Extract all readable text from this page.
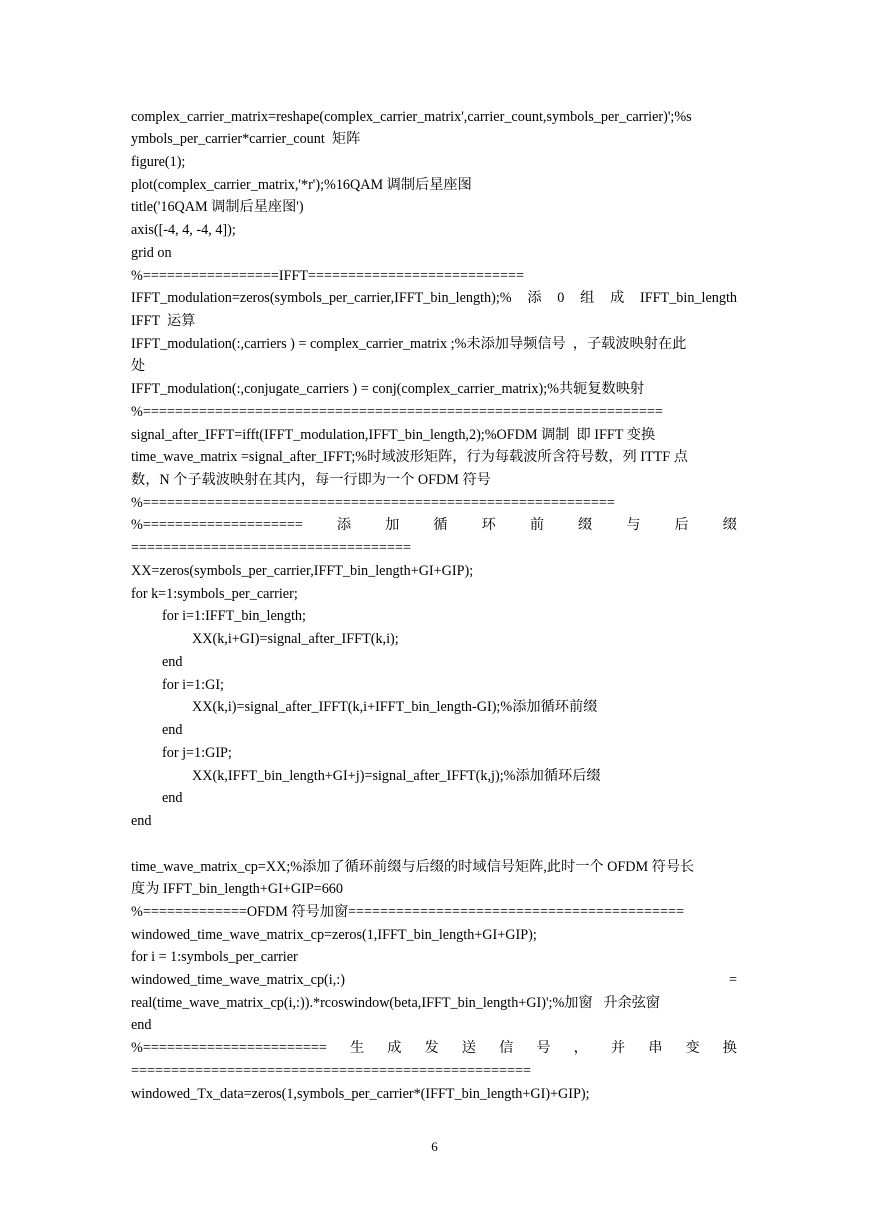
complex_carrier_matrix=reshape(complex_carrier_matrix',carrier_count,symbols_per_carrier)';%s
ymbols_per_carrier*carrier_count  矩阵
figure(1);
plot(complex_carrier_matrix,'*r');%16QAM 调制后星座图
title('16QAM 调制后星座图')
axis([-4, 4, -4, 4]);
grid on
%=================IFFT===========================
IFFT_modulation=zeros(symbols_per_carrier,IFFT_bin_length);% 添 0 组 成 IFFT_bin_length
IFFT  运算
IFFT_modulation(:,carriers ) = complex_carrier_matrix ;%未添加导频信号  ，子载波映射在此
处
IFFT_modulation(:,conjugate_carriers ) = conj(complex_carrier_matrix);%共轭复数映射
%=================================================================
signal_after_IFFT=ifft(IFFT_modulation,IFFT_bin_length,2);%OFDM 调制  即 IFFT 变换
time_wave_matrix =signal_after_IFFT;%时域波形矩阵，行为每载波所含符号数，列 ITTF 点
数，N 个子载波映射在其内，每一行即为一个 OFDM 符号
%===========================================================
%==================== 添 加 循 环 前 缀 与 后 缀
===================================
XX=zeros(symbols_per_carrier,IFFT_bin_length+GI+GIP);
for k=1:symbols_per_carrier;
for i=1:IFFT_bin_length;
XX(k,i+GI)=signal_after_IFFT(k,i);
end
for i=1:GI;
XX(k,i)=signal_after_IFFT(k,i+IFFT_bin_length-GI);%添加循环前缀
end
for j=1:GIP;
XX(k,IFFT_bin_length+GI+j)=signal_after_IFFT(k,j);%添加循环后缀
end
end
time_wave_matrix_cp=XX;%添加了循环前缀与后缀的时域信号矩阵,此时一个 OFDM 符号长
度为 IFFT_bin_length+GI+GIP=660
%=============OFDM 符号加窗==========================================
windowed_time_wave_matrix_cp=zeros(1,IFFT_bin_length+GI+GIP);
for i = 1:symbols_per_carrier
windowed_time_wave_matrix_cp(i,:)	=
real(time_wave_matrix_cp(i,:)).*rcoswindow(beta,IFFT_bin_length+GI)';%加窗   升余弦窗
end
%======================= 生 成 发 送 信 号 ， 并 串 变 换
==================================================
windowed_Tx_data=zeros(1,symbols_per_carrier*(IFFT_bin_length+GI)+GIP);
6
